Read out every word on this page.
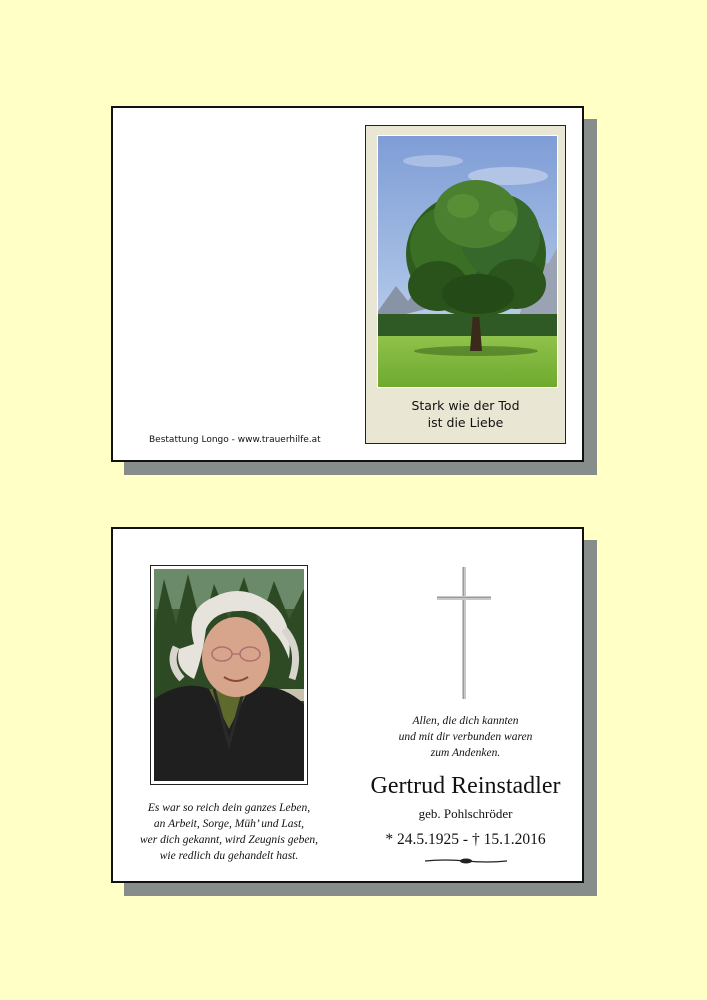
Bestattung Longo - www.trauerhilfe.at
Stark wie der Tod
ist die Liebe
Es war so reich dein ganzes Leben,
an Arbeit, Sorge, Müh’ und Last,
wer dich gekannt, wird Zeugnis geben,
wie redlich du gehandelt hast.
Allen, die dich kannten
und mit dir verbunden waren
zum Andenken.
Gertrud Reinstadler
geb. Pohlschröder
* 24.5.1925 - † 15.1.2016
